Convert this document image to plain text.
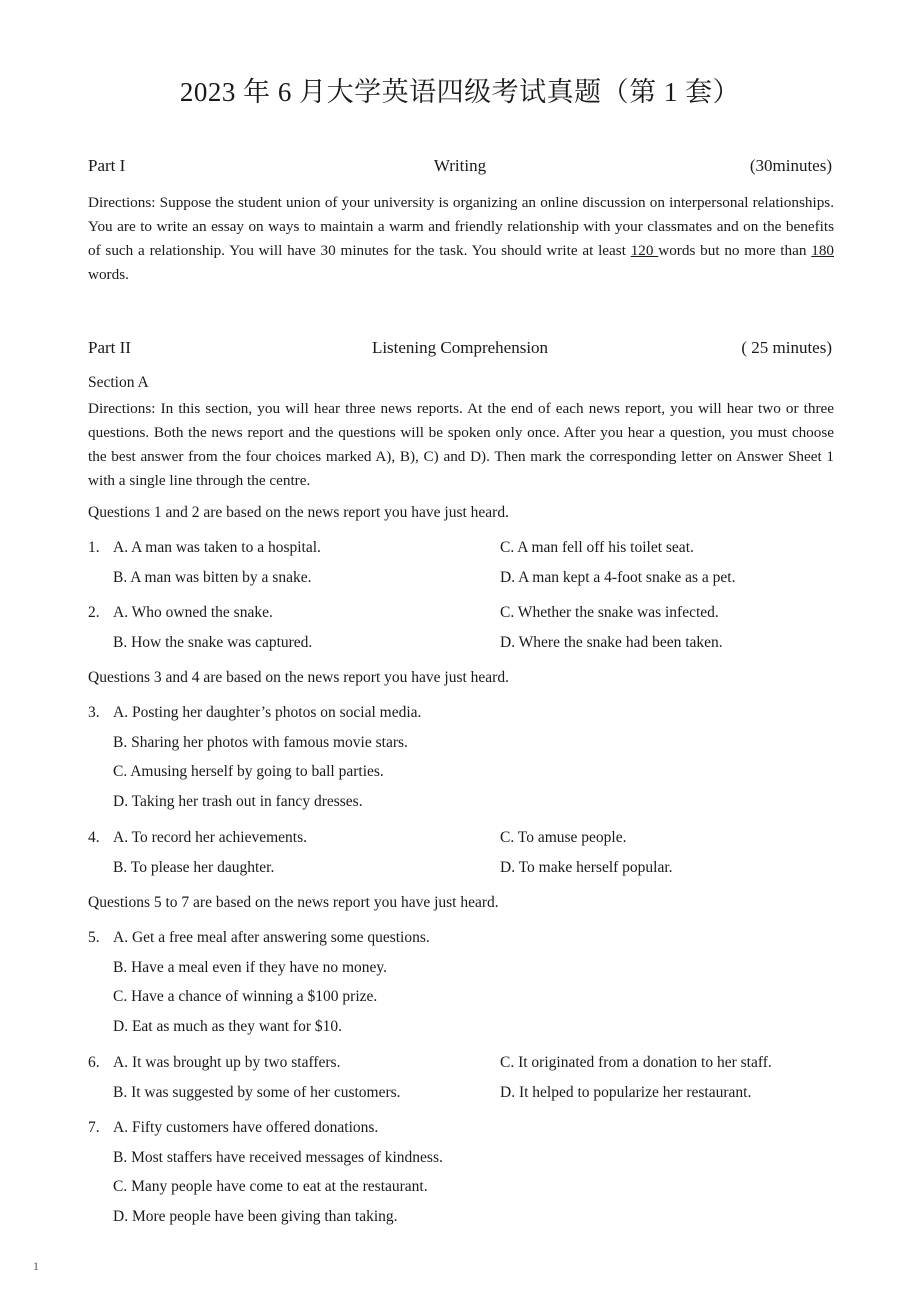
2023 年 6 月大学英语四级考试真题（第 1 套）
Part I	Writing	(30minutes)
Directions: Suppose the student union of your university is organizing an online discussion on interpersonal relationships. You are to write an essay on ways to maintain a warm and friendly relationship with your classmates and on the benefits of such a relationship. You will have 30 minutes for the task. You should write at least 120 words but no more than 180 words.
Part II	Listening Comprehension	( 25 minutes)
Section A
Directions: In this section, you will hear three news reports. At the end of each news report, you will hear two or three questions. Both the news report and the questions will be spoken only once. After you hear a question, you must choose the best answer from the four choices marked A), B), C) and D). Then mark the corresponding letter on Answer Sheet 1 with a single line through the centre.
Questions 1 and 2 are based on the news report you have just heard.
1. A. A man was taken to a hospital.	C. A man fell off his toilet seat.
B. A man was bitten by a snake.	D. A man kept a 4-foot snake as a pet.
2. A. Who owned the snake.	C. Whether the snake was infected.
B. How the snake was captured.	D. Where the snake had been taken.
Questions 3 and 4 are based on the news report you have just heard.
3. A. Posting her daughter’s photos on social media.
B. Sharing her photos with famous movie stars.
C. Amusing herself by going to ball parties.
D. Taking her trash out in fancy dresses.
4. A. To record her achievements.	C. To amuse people.
B. To please her daughter.	D. To make herself popular.
Questions 5 to 7 are based on the news report you have just heard.
5. A. Get a free meal after answering some questions.
B. Have a meal even if they have no money.
C. Have a chance of winning a $100 prize.
D. Eat as much as they want for $10.
6. A. It was brought up by two staffers.	C. It originated from a donation to her staff.
B. It was suggested by some of her customers.	D. It helped to popularize her restaurant.
7. A. Fifty customers have offered donations.
B. Most staffers have received messages of kindness.
C. Many people have come to eat at the restaurant.
D. More people have been giving than taking.
1
